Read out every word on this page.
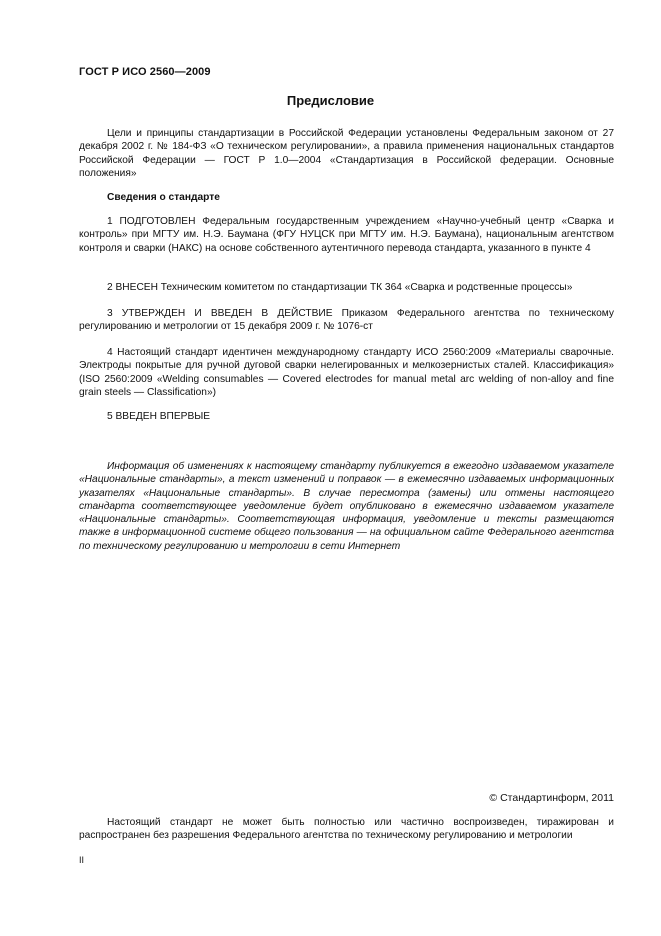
ГОСТ Р ИСО 2560—2009
Предисловие

Цели и принципы стандартизации в Российской Федерации установлены Федеральным законом от 27 декабря 2002 г. № 184-ФЗ «О техническом регулировании», а правила применения национальных стандартов Российской Федерации — ГОСТ Р 1.0—2004 «Стандартизация в Российской федерации. Основные положения»

Сведения о стандарте

1 ПОДГОТОВЛЕН Федеральным государственным учреждением «Научно-учебный центр «Сварка и контроль» при МГТУ им. Н.Э. Баумана (ФГУ НУЦСК при МГТУ им. Н.Э. Баумана), национальным агентством контроля и сварки (НАКС) на основе собственного аутентичного перевода стандарта, указанного в пункте 4

2 ВНЕСЕН Техническим комитетом по стандартизации ТК 364 «Сварка и родственные процессы»

3 УТВЕРЖДЕН И ВВЕДЕН В ДЕЙСТВИЕ Приказом Федерального агентства по техническому регулированию и метрологии от 15 декабря 2009 г. № 1076-ст

4 Настоящий стандарт идентичен международному стандарту ИСО 2560:2009 «Материалы сварочные. Электроды покрытые для ручной дуговой сварки нелегированных и мелкозернистых сталей. Классификация» (ISO 2560:2009 «Welding consumables — Covered electrodes for manual metal arc welding of non-alloy and fine grain steels — Classification»)

5 ВВЕДЕН ВПЕРВЫЕ

Информация об изменениях к настоящему стандарту публикуется в ежегодно издаваемом указателе «Национальные стандарты», а текст изменений и поправок — в ежемесячно издаваемых информационных указателях «Национальные стандарты». В случае пересмотра (замены) или отмены настоящего стандарта соответствующее уведомление будет опубликовано в ежемесячно издаваемом указателе «Национальные стандарты». Соответствующая информация, уведомление и тексты размещаются также в информационной системе общего пользования — на официальном сайте Федерального агентства по техническому регулированию и метрологии в сети Интернет

© Стандартинформ, 2011

Настоящий стандарт не может быть полностью или частично воспроизведен, тиражирован и распространен без разрешения Федерального агентства по техническому регулированию и метрологии

II
